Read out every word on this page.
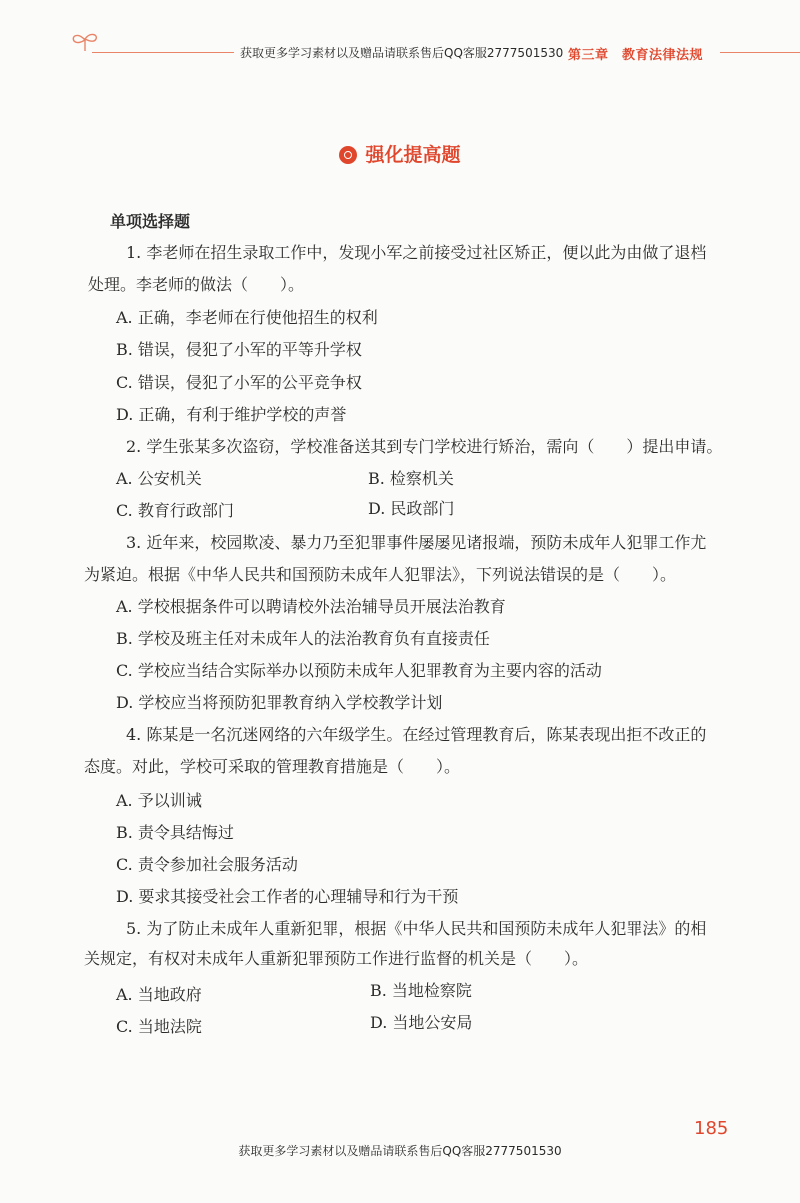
获取更多学习素材以及赠品请联系售后QQ客服2777501530 第三章　教育法律法规
强化提高题
单项选择题
1. 李老师在招生录取工作中，发现小军之前接受过社区矫正，便以此为由做了退档
处理。李老师的做法（　　）。
A. 正确，李老师在行使他招生的权利
B. 错误，侵犯了小军的平等升学权
C. 错误，侵犯了小军的公平竞争权
D. 正确，有利于维护学校的声誉
2. 学生张某多次盗窃，学校准备送其到专门学校进行矫治，需向（　　）提出申请。
A. 公安机关	B. 检察机关
C. 教育行政部门	D. 民政部门
3. 近年来，校园欺凌、暴力乃至犯罪事件屡屡见诸报端，预防未成年人犯罪工作尤
为紧迫。根据《中华人民共和国预防未成年人犯罪法》，下列说法错误的是（　　）。
A. 学校根据条件可以聘请校外法治辅导员开展法治教育
B. 学校及班主任对未成年人的法治教育负有直接责任
C. 学校应当结合实际举办以预防未成年人犯罪教育为主要内容的活动
D. 学校应当将预防犯罪教育纳入学校教学计划
4. 陈某是一名沉迷网络的六年级学生。在经过管理教育后，陈某表现出拒不改正的
态度。对此，学校可采取的管理教育措施是（　　）。
A. 予以训诫
B. 责令具结悔过
C. 责令参加社会服务活动
D. 要求其接受社会工作者的心理辅导和行为干预
5. 为了防止未成年人重新犯罪，根据《中华人民共和国预防未成年人犯罪法》的相
关规定，有权对未成年人重新犯罪预防工作进行监督的机关是（　　）。
A. 当地政府	B. 当地检察院
C. 当地法院	D. 当地公安局
185
获取更多学习素材以及赠品请联系售后QQ客服2777501530
